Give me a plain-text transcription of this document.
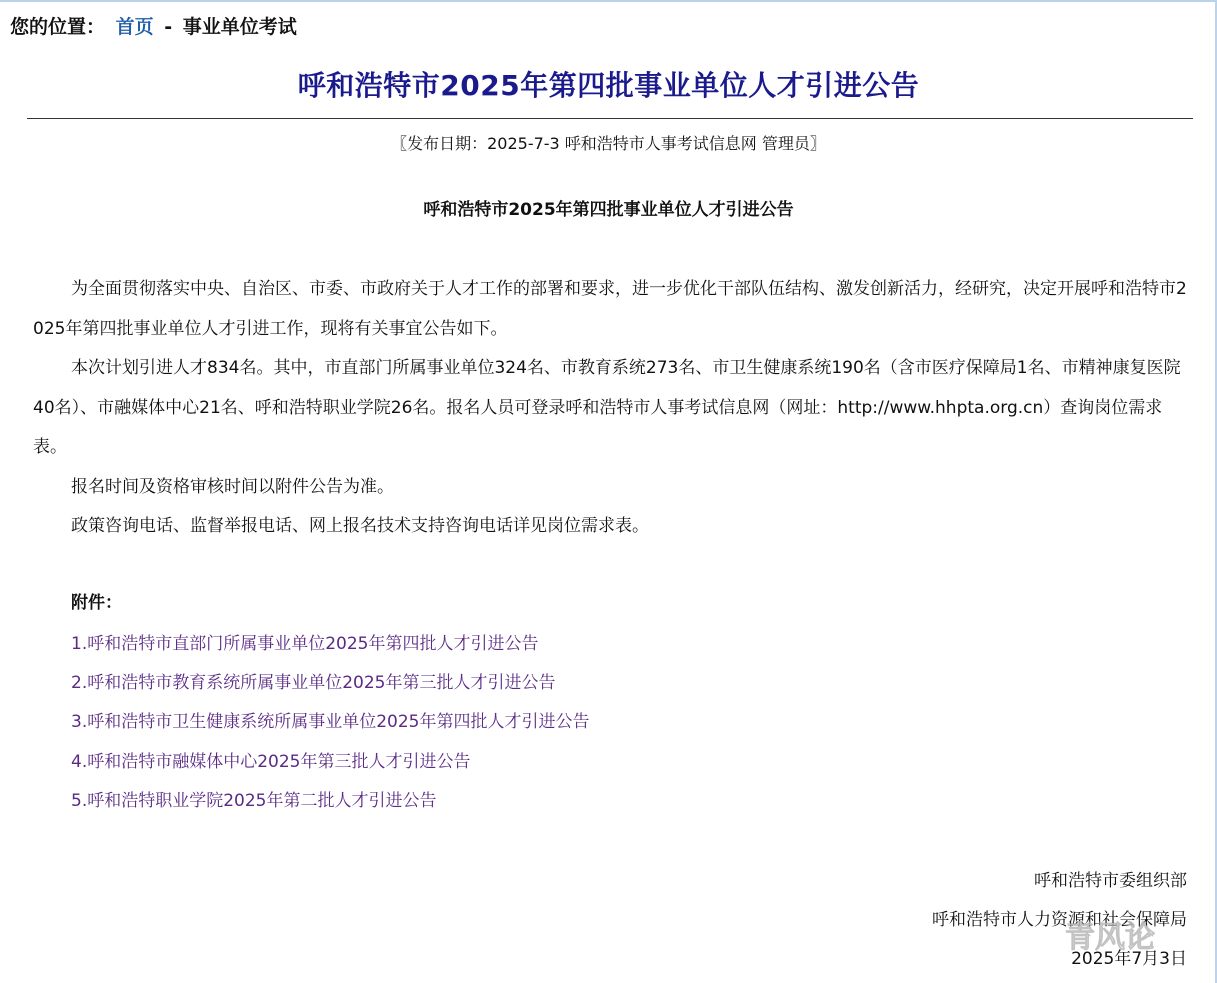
您的位置： 首页 - 事业单位考试
呼和浩特市2025年第四批事业单位人才引进公告
〖发布日期：2025-7-3 呼和浩特市人事考试信息网 管理员〗
呼和浩特市2025年第四批事业单位人才引进公告

为全面贯彻落实中央、自治区、市委、市政府关于人才工作的部署和要求，进一步优化干部队伍结构、激发创新活力，经研究，决定开展呼和浩特市2025年第四批事业单位人才引进工作，现将有关事宜公告如下。

本次计划引进人才834名。其中，市直部门所属事业单位324名、市教育系统273名、市卫生健康系统190名（含市医疗保障局1名、市精神康复医院40名）、市融媒体中心21名、呼和浩特职业学院26名。报名人员可登录呼和浩特市人事考试信息网（网址：http://www.hhpta.org.cn）查询岗位需求表。

报名时间及资格审核时间以附件公告为准。

政策咨询电话、监督举报电话、网上报名技术支持咨询电话详见岗位需求表。

附件：
1.呼和浩特市直部门所属事业单位2025年第四批人才引进公告
2.呼和浩特市教育系统所属事业单位2025年第三批人才引进公告
3.呼和浩特市卫生健康系统所属事业单位2025年第四批人才引进公告
4.呼和浩特市融媒体中心2025年第三批人才引进公告
5.呼和浩特职业学院2025年第二批人才引进公告
呼和浩特市委组织部
呼和浩特市人力资源和社会保障局
2025年7月3日
青风论
